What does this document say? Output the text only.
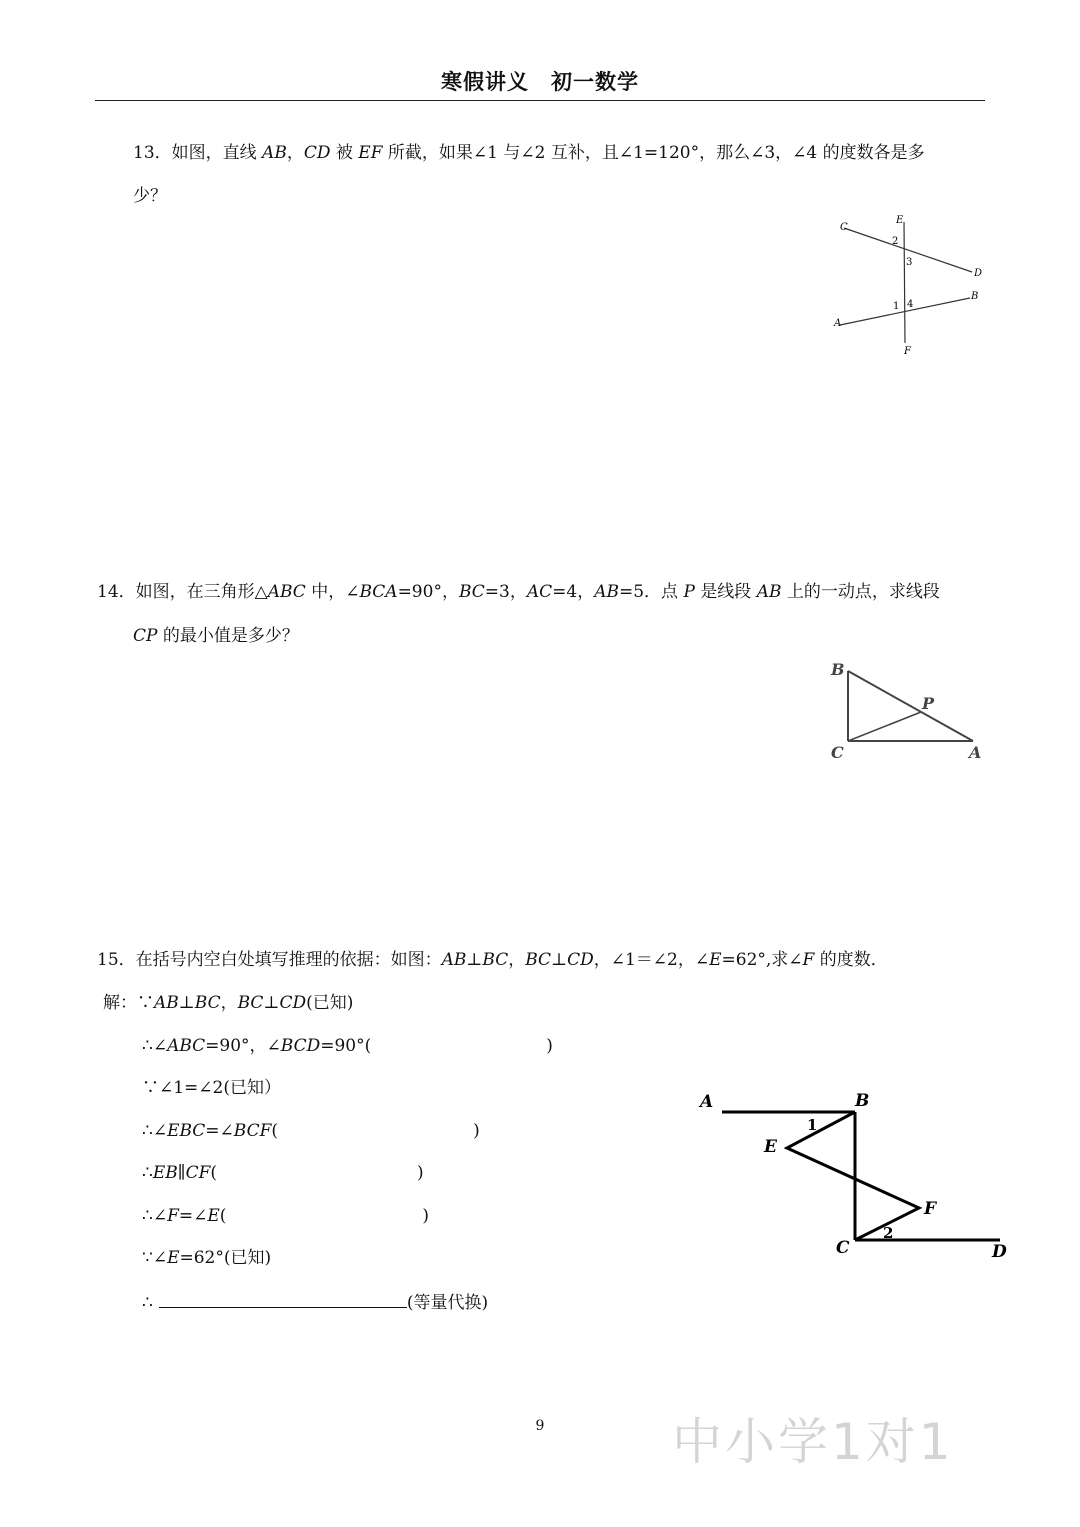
寒假讲义　初一数学
13．如图，直线 AB，CD 被 EF 所截，如果∠1 与∠2 互补，且∠1=120°，那么∠3，∠4 的度数各是多
少？
C
E
D
B
A
F
2
3
1 4
14．如图，在三角形△ABC 中，∠BCA=90°，BC=3，AC=4，AB=5．点 P 是线段 AB 上的一动点，求线段
CP 的最小值是多少？
B
P
C	A
15．在括号内空白处填写推理的依据：如图：AB⊥BC，BC⊥CD，∠1＝∠2，∠E=62°,求∠F 的度数．
解：∵AB⊥BC，BC⊥CD(已知)
∴∠ABC=90°，∠BCD=90°(	)
∵∠1=∠2(已知）
∴∠EBC=∠BCF(	)
∴EB∥CF(	)
∴∠F=∠E(	)
∵∠E=62°(已知)
∴	(等量代换)
A	B
E
F
C	D
1
2
9	中小学1对1
